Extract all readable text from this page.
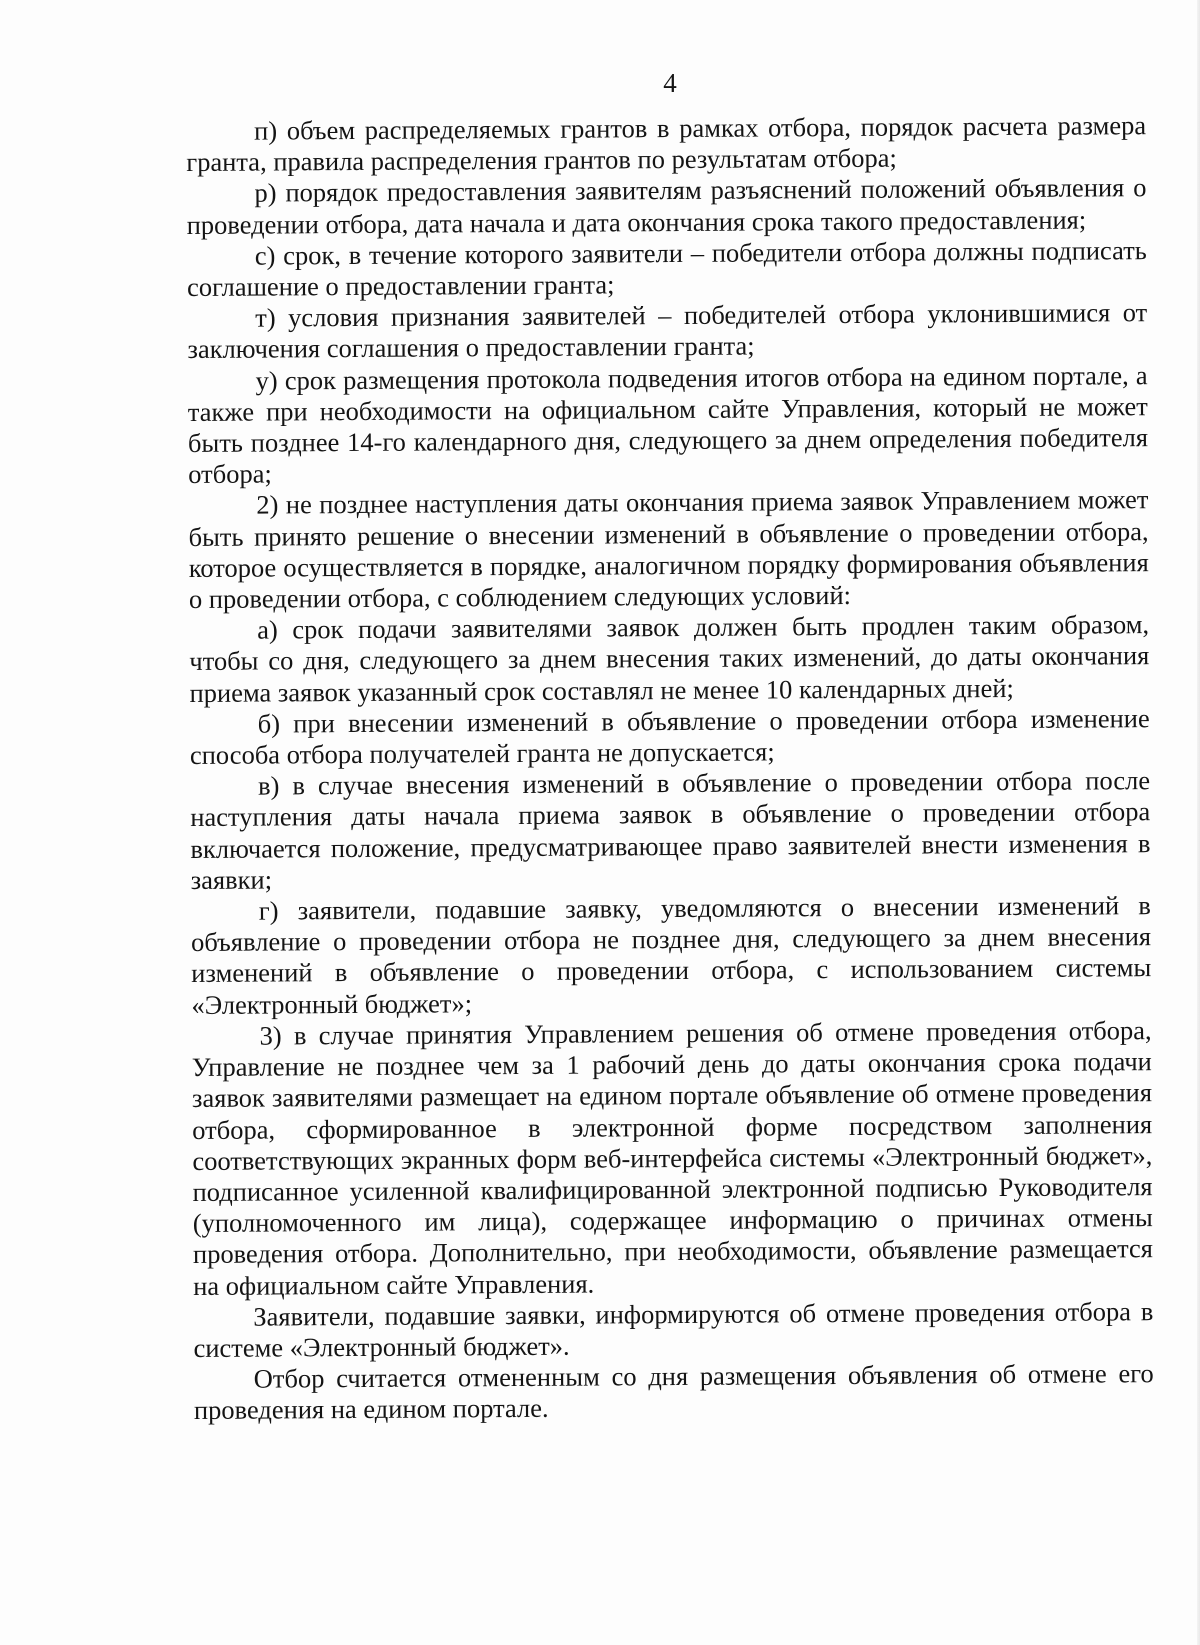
4

п) объем распределяемых грантов в рамках отбора, порядок расчета размера гранта, правила распределения грантов по результатам отбора;

р) порядок предоставления заявителям разъяснений положений объявления о проведении отбора, дата начала и дата окончания срока такого предоставления;

с) срок, в течение которого заявители – победители отбора должны подписать соглашение о предоставлении гранта;

т) условия признания заявителей – победителей отбора уклонившимися от заключения соглашения о предоставлении гранта;

у) срок размещения протокола подведения итогов отбора на едином портале, а также при необходимости на официальном сайте Управления, который не может быть позднее 14-го календарного дня, следующего за днем определения победителя отбора;

2) не позднее наступления даты окончания приема заявок Управлением может быть принято решение о внесении изменений в объявление о проведении отбора, которое осуществляется в порядке, аналогичном порядку формирования объявления о проведении отбора, с соблюдением следующих условий:

а) срок подачи заявителями заявок должен быть продлен таким образом, чтобы со дня, следующего за днем внесения таких изменений, до даты окончания приема заявок указанный срок составлял не менее 10 календарных дней;

б) при внесении изменений в объявление о проведении отбора изменение способа отбора получателей гранта не допускается;

в) в случае внесения изменений в объявление о проведении отбора после наступления даты начала приема заявок в объявление о проведении отбора включается положение, предусматривающее право заявителей внести изменения в заявки;

г) заявители, подавшие заявку, уведомляются о внесении изменений в объявление о проведении отбора не позднее дня, следующего за днем внесения изменений в объявление о проведении отбора, с использованием системы «Электронный бюджет»;

3) в случае принятия Управлением решения об отмене проведения отбора, Управление не позднее чем за 1 рабочий день до даты окончания срока подачи заявок заявителями размещает на едином портале объявление об отмене проведения отбора, сформированное в электронной форме посредством заполнения соответствующих экранных форм веб-интерфейса системы «Электронный бюджет», подписанное усиленной квалифицированной электронной подписью Руководителя (уполномоченного им лица), содержащее информацию о причинах отмены проведения отбора. Дополнительно, при необходимости, объявление размещается на официальном сайте Управления.

Заявители, подавшие заявки, информируются об отмене проведения отбора в системе «Электронный бюджет».

Отбор считается отмененным со дня размещения объявления об отмене его проведения на едином портале.
